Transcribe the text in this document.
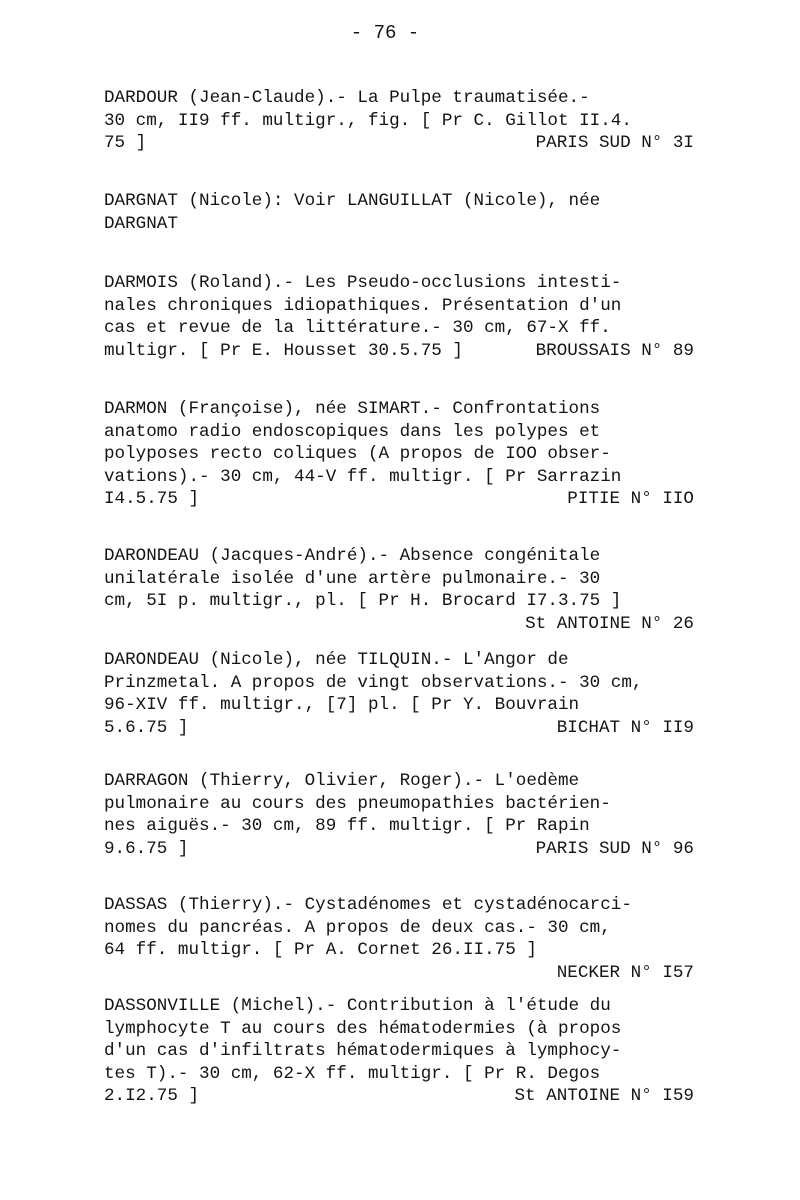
- 76 -
DARDOUR (Jean-Claude).- La Pulpe traumatisée.-
30 cm, II9 ff. multigr., fig. [ Pr C. Gillot II.4.
75 ]	PARIS SUD N° 3I
DARGNAT (Nicole): Voir LANGUILLAT (Nicole), née
DARGNAT
DARMOIS (Roland).- Les Pseudo-occlusions intesti-
nales chroniques idiopathiques. Présentation d'un
cas et revue de la littérature.- 30 cm, 67-X ff.
multigr. [ Pr E. Housset 30.5.75 ]	BROUSSAIS N° 89
DARMON (Françoise), née SIMART.- Confrontations
anatomo radio endoscopiques dans les polypes et
polyposes recto coliques (A propos de IOO obser-
vations).- 30 cm, 44-V ff. multigr. [ Pr Sarrazin
I4.5.75 ]	PITIE N° IIO
DARONDEAU (Jacques-André).- Absence congénitale
unilatérale isolée d'une artère pulmonaire.- 30
cm, 5I p. multigr., pl. [ Pr H. Brocard I7.3.75 ]
St ANTOINE N° 26
DARONDEAU (Nicole), née TILQUIN.- L'Angor de
Prinzmetal. A propos de vingt observations.- 30 cm,
96-XIV ff. multigr., [7] pl. [ Pr Y. Bouvrain
5.6.75 ]	BICHAT N° II9
DARRAGON (Thierry, Olivier, Roger).- L'oedème
pulmonaire au cours des pneumopathies bactérien-
nes aiguës.- 30 cm, 89 ff. multigr. [ Pr Rapin
9.6.75 ]	PARIS SUD N° 96
DASSAS (Thierry).- Cystadénomes et cystadénocarci-
nomes du pancréas. A propos de deux cas.- 30 cm,
64 ff. multigr. [ Pr A. Cornet 26.II.75 ]
NECKER N° I57
DASSONVILLE (Michel).- Contribution à l'étude du
lymphocyte T au cours des hématodermies (à propos
d'un cas d'infiltrats hématodermiques à lymphocy-
tes T).- 30 cm, 62-X ff. multigr. [ Pr R. Degos
2.I2.75 ]	St ANTOINE N° I59
